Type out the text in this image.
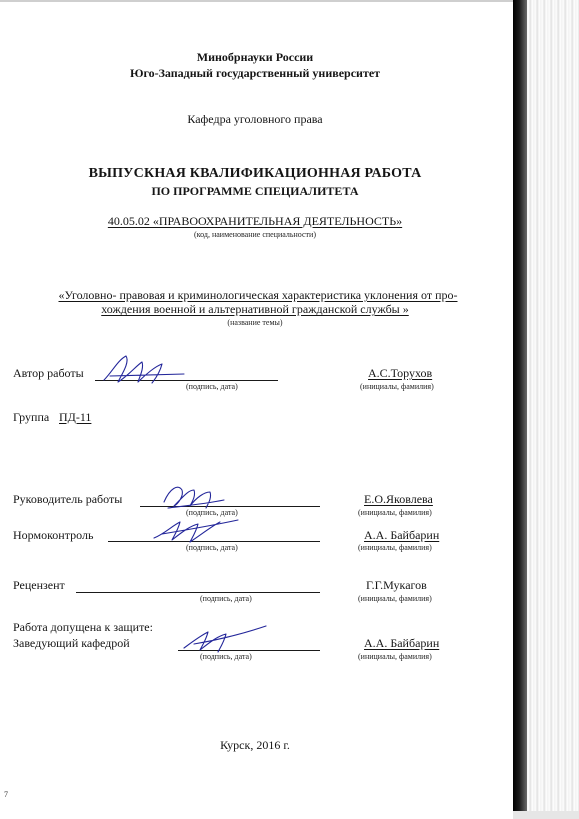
Минобрнауки России
Юго-Западный государственный университет
Кафедра уголовного права
ВЫПУСКНАЯ КВАЛИФИКАЦИОННАЯ РАБОТА
ПО ПРОГРАММЕ СПЕЦИАЛИТЕТА
40.05.02 «ПРАВООХРАНИТЕЛЬНАЯ ДЕЯТЕЛЬНОСТЬ»
(код, наименование специальности)
«Уголовно- правовая и криминологическая характеристика уклонения от про-
хождения военной и альтернативной гражданской службы »
(название темы)
Автор работы
(подпись, дата)
А.С.Торухов
(инициалы, фамилия)
Группа ПД-11
Руководитель работы
(подпись, дата)
Е.О.Яковлева
(инициалы, фамилия)
Нормоконтроль
(подпись, дата)
А.А. Байбарин
(инициалы, фамилия)
Рецензент
(подпись, дата)
Г.Г.Мукагов
(инициалы, фамилия)
Работа допущена к защите:
Заведующий кафедрой
(подпись, дата)
А.А. Байбарин
(инициалы, фамилия)
Курск, 2016 г.
7
